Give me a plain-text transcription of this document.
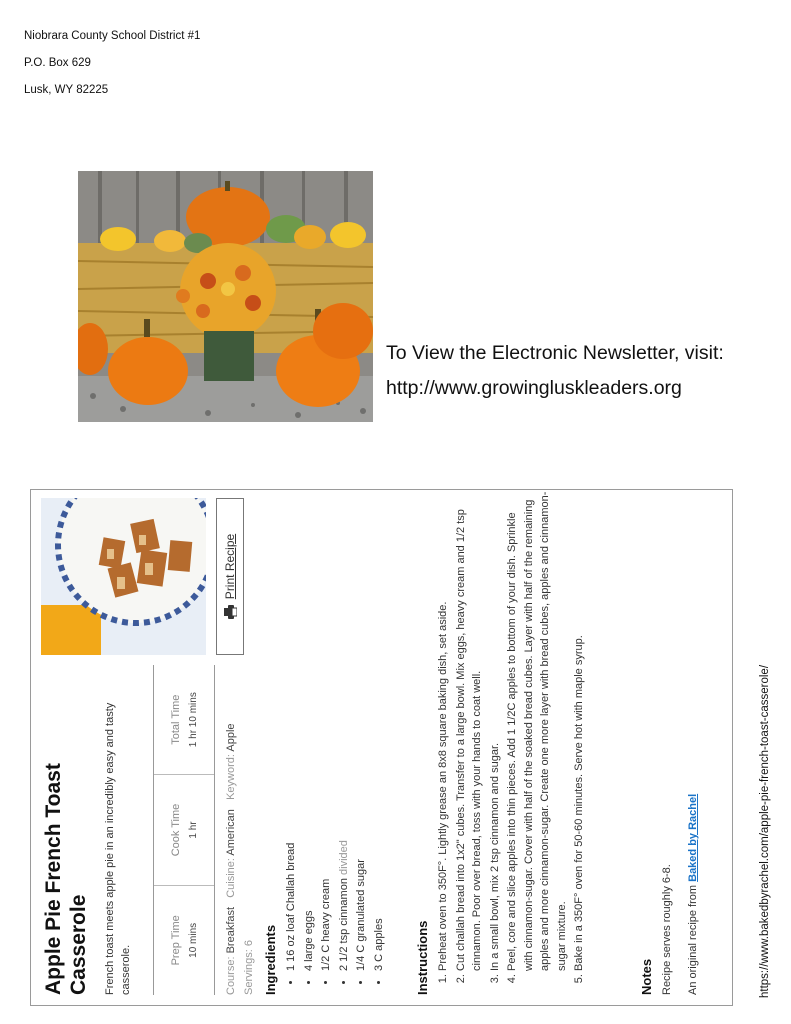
Niobrara County School District #1
P.O. Box 629
Lusk, WY 82225
To View the Electronic Newsletter, visit:
http://www.growingluskleaders.org
Print Recipe
Apple Pie French Toast Casserole French toast meets apple pie in an incredibly easy and tasty casserole.
Prep Time 10 mins
Cook Time 1 hr
Total Time 1 hr 10 mins
Course: Breakfast   Cuisine: American   Keyword: Apple
Servings: 6 Ingredients • 1 16 oz loaf Challah bread • 4 large eggs • 1/2 C heavy cream • 2 1/2 tsp cinnamon divided
• 1/4 C granulated sugar • 3 C apples Instructions 1. Preheat oven to 350F°. Lightly grease an 8x8 square baking dish, set aside. 2. Cut challah bread into 1x2" cubes. Transfer to a large bowl. Mix eggs, heavy cream and 1/2 tsp cinnamon. Poor over bread, toss with your hands to coat well. 3. In a small bowl, mix 2 tsp cinnamon and sugar. 4. Peel, core and slice apples into thin pieces. Add 1 1/2C apples to bottom of your dish. Sprinkle with cinnamon-sugar. Cover with half of the soaked bread cubes. Layer with half of the remaining apples and more cinnamon-sugar. Create one more layer with bread cubes, apples and cinnamon-sugar mixture. 5. Bake in a 350F° oven for 50-60 minutes. Serve hot with maple syrup.
Notes Recipe serves roughly 6-8. An original recipe from Baked by Rachel	https://www.bakedbyrachel.com/apple-pie-french-toast-casserole/
